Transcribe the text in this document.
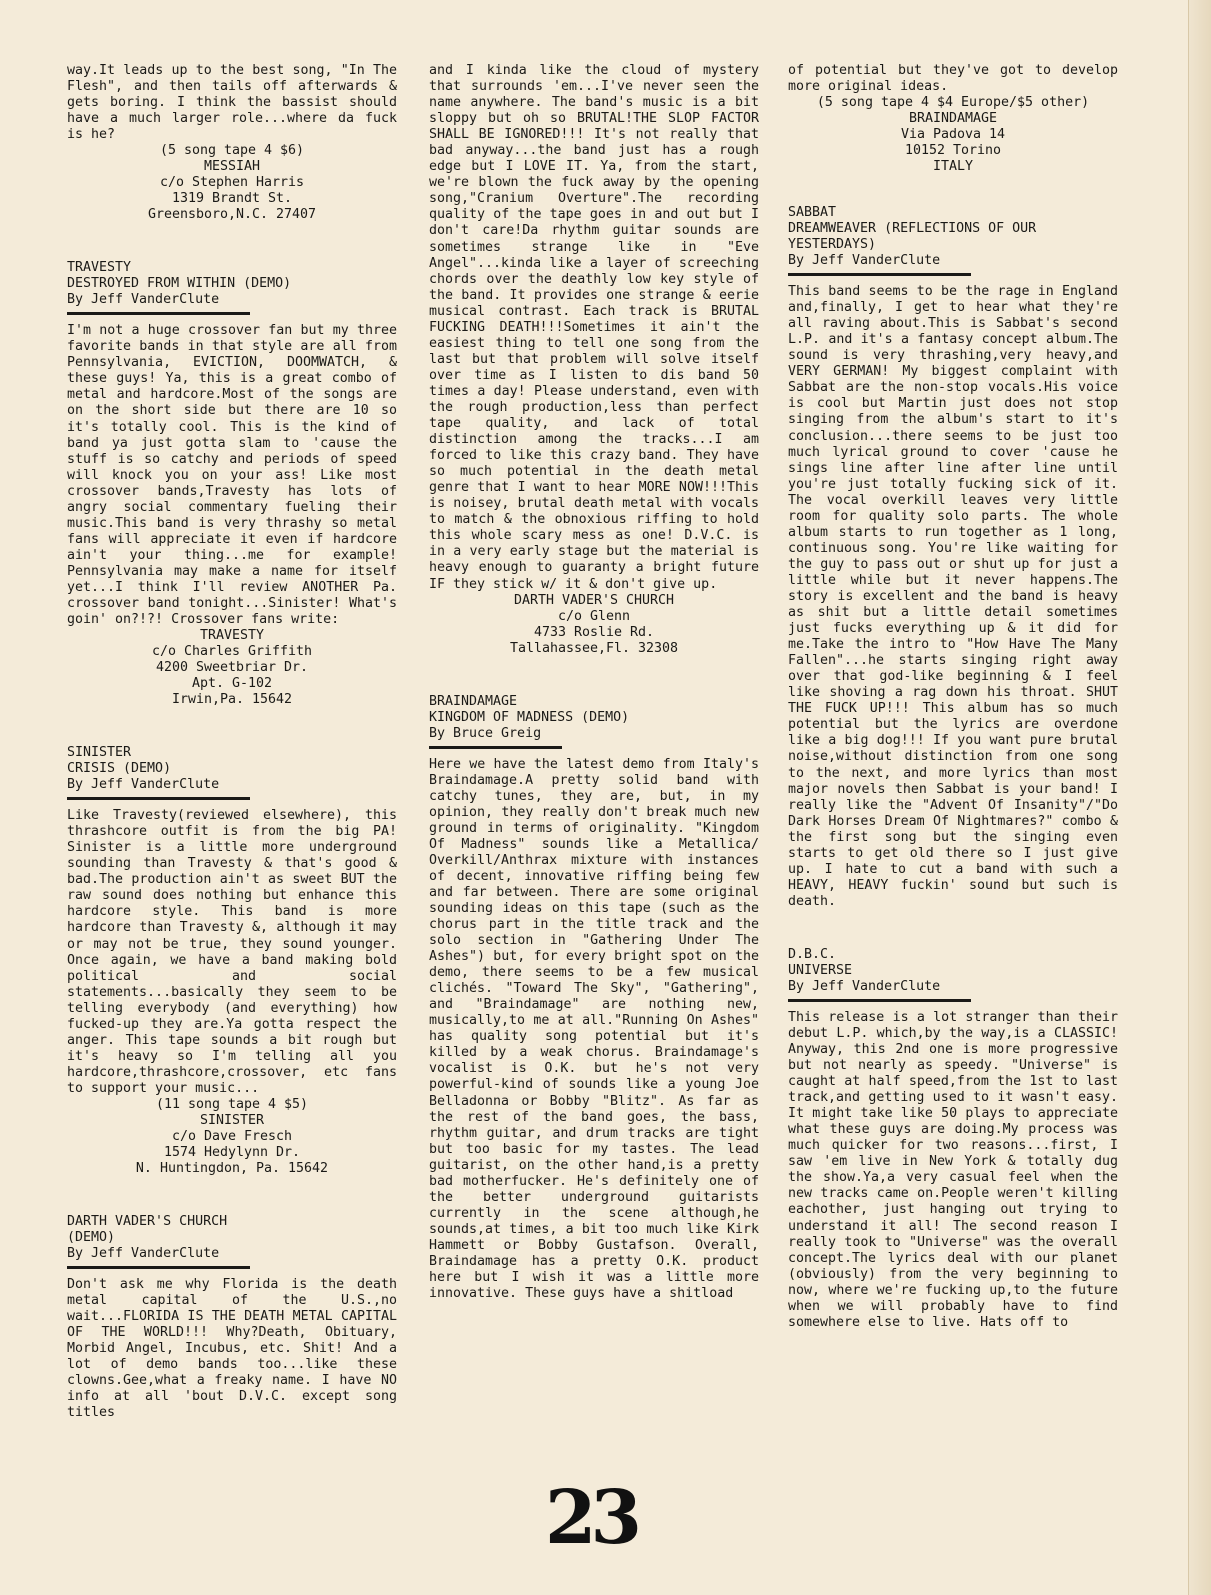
way.It leads up to the best song, "In The Flesh", and then tails off afterwards & gets boring. I think the bassist should have a much larger role...where da fuck is he?

(5 song tape 4 $6)
MESSIAH
c/o Stephen Harris
1319 Brandt St.
Greensboro,N.C. 27407

TRAVESTY

DESTROYED FROM WITHIN (DEMO)

By Jeff VanderClute

I'm not a huge crossover fan but my three favorite bands in that style are all from Pennsylvania, EVICTION, DOOMWATCH, & these guys! Ya, this is a great combo of metal and hardcore.Most of the songs are on the short side but there are 10 so it's totally cool. This is the kind of band ya just gotta slam to 'cause the stuff is so catchy and periods of speed will knock you on your ass! Like most crossover bands,Travesty has lots of angry social commentary fueling their music.This band is very thrashy so metal fans will appreciate it even if hardcore ain't your thing...me for example! Pennsylvania may make a name for itself yet...I think I'll review ANOTHER Pa. crossover band tonight...Sinister! What's goin' on?!?! Crossover fans write:

TRAVESTY
c/o Charles Griffith
4200 Sweetbriar Dr.
Apt. G-102
Irwin,Pa. 15642

SINISTER

CRISIS (DEMO)

By Jeff VanderClute

Like Travesty(reviewed elsewhere), this thrashcore outfit is from the big PA! Sinister is a little more underground sounding than Travesty & that's good & bad.The production ain't as sweet BUT the raw sound does nothing but enhance this hardcore style. This band is more hardcore than Travesty &, although it may or may not be true, they sound younger. Once again, we have a band making bold political and social statements...basically they seem to be telling everybody (and everything) how fucked-up they are.Ya gotta respect the anger. This tape sounds a bit rough but it's heavy so I'm telling all you hardcore,thrashcore,crossover, etc fans to support your music...

(11 song tape 4 $5)
SINISTER
c/o Dave Fresch
1574 Hedylynn Dr.
N. Huntingdon, Pa. 15642

DARTH VADER'S CHURCH

(DEMO)

By Jeff VanderClute

Don't ask me why Florida is the death metal capital of the U.S.,no wait...FLORIDA IS THE DEATH METAL CAPITAL OF THE WORLD!!! Why?Death, Obituary, Morbid Angel, Incubus, etc. Shit! And a lot of demo bands too...like these clowns.Gee,what a freaky name. I have NO info at all 'bout D.V.C. except song titles

and I kinda like the cloud of mystery that surrounds 'em...I've never seen the name anywhere. The band's music is a bit sloppy but oh so BRUTAL!THE SLOP FACTOR SHALL BE IGNORED!!! It's not really that bad anyway...the band just has a rough edge but I LOVE IT. Ya, from the start, we're blown the fuck away by the opening song,"Cranium Overture".The recording quality of the tape goes in and out but I don't care!Da rhythm guitar sounds are sometimes strange like in "Eve Angel"...kinda like a layer of screeching chords over the deathly low key style of the band. It provides one strange & eerie musical contrast. Each track is BRUTAL FUCKING DEATH!!!Sometimes it ain't the easiest thing to tell one song from the last but that problem will solve itself over time as I listen to dis band 50 times a day! Please understand, even with the rough production,less than perfect tape quality, and lack of total distinction among the tracks...I am forced to like this crazy band. They have so much potential in the death metal genre that I want to hear MORE NOW!!!This is noisey, brutal death metal with vocals to match & the obnoxious riffing to hold this whole scary mess as one! D.V.C. is in a very early stage but the material is heavy enough to guaranty a bright future IF they stick w/ it & don't give up.

DARTH VADER'S CHURCH
c/o Glenn
4733 Roslie Rd.
Tallahassee,Fl. 32308

BRAINDAMAGE

KINGDOM OF MADNESS (DEMO)

By Bruce Greig

Here we have the latest demo from Italy's Braindamage.A pretty solid band with catchy tunes, they are, but, in my opinion, they really don't break much new ground in terms of originality. "Kingdom Of Madness" sounds like a Metallica/ Overkill/Anthrax mixture with instances of decent, innovative riffing being few and far between. There are some original sounding ideas on this tape (such as the chorus part in the title track and the solo section in "Gathering Under The Ashes") but, for every bright spot on the demo, there seems to be a few musical clichés. "Toward The Sky", "Gathering", and "Braindamage" are nothing new, musically,to me at all."Running On Ashes" has quality song potential but it's killed by a weak chorus. Braindamage's vocalist is O.K. but he's not very powerful-kind of sounds like a young Joe Belladonna or Bobby "Blitz". As far as the rest of the band goes, the bass, rhythm guitar, and drum tracks are tight but too basic for my tastes. The lead guitarist, on the other hand,is a pretty bad motherfucker. He's definitely one of the better underground guitarists currently in the scene although,he sounds,at times, a bit too much like Kirk Hammett or Bobby Gustafson. Overall, Braindamage has a pretty O.K. product here but I wish it was a little more innovative. These guys have a shitload

of potential but they've got to develop more original ideas.

(5 song tape 4 $4 Europe/$5 other)
BRAINDAMAGE
Via Padova 14
10152 Torino
ITALY

SABBAT

DREAMWEAVER (REFLECTIONS OF OUR
YESTERDAYS)

By Jeff VanderClute

This band seems to be the rage in England and,finally, I get to hear what they're all raving about.This is Sabbat's second L.P. and it's a fantasy concept album.The sound is very thrashing,very heavy,and VERY GERMAN! My biggest complaint with Sabbat are the non-stop vocals.His voice is cool but Martin just does not stop singing from the album's start to it's conclusion...there seems to be just too much lyrical ground to cover 'cause he sings line after line after line until you're just totally fucking sick of it. The vocal overkill leaves very little room for quality solo parts. The whole album starts to run together as 1 long, continuous song. You're like waiting for the guy to pass out or shut up for just a little while but it never happens.The story is excellent and the band is heavy as shit but a little detail sometimes just fucks everything up & it did for me.Take the intro to "How Have The Many Fallen"...he starts singing right away over that god-like beginning & I feel like shoving a rag down his throat. SHUT THE FUCK UP!!! This album has so much potential but the lyrics are overdone like a big dog!!! If you want pure brutal noise,without distinction from one song to the next, and more lyrics than most major novels then Sabbat is your band! I really like the "Advent Of Insanity"/"Do Dark Horses Dream Of Nightmares?" combo & the first song but the singing even starts to get old there so I just give up. I hate to cut a band with such a HEAVY, HEAVY fuckin' sound but such is death.

D.B.C.

UNIVERSE

By Jeff VanderClute

This release is a lot stranger than their debut L.P. which,by the way,is a CLASSIC! Anyway, this 2nd one is more progressive but not nearly as speedy. "Universe" is caught at half speed,from the 1st to last track,and getting used to it wasn't easy. It might take like 50 plays to appreciate what these guys are doing.My process was much quicker for two reasons...first, I saw 'em live in New York & totally dug the show.Ya,a very casual feel when the new tracks came on.People weren't killing eachother, just hanging out trying to understand it all! The second reason I really took to "Universe" was the overall concept.The lyrics deal with our planet (obviously) from the very beginning to now, where we're fucking up,to the future when we will probably have to find somewhere else to live. Hats off to

23
